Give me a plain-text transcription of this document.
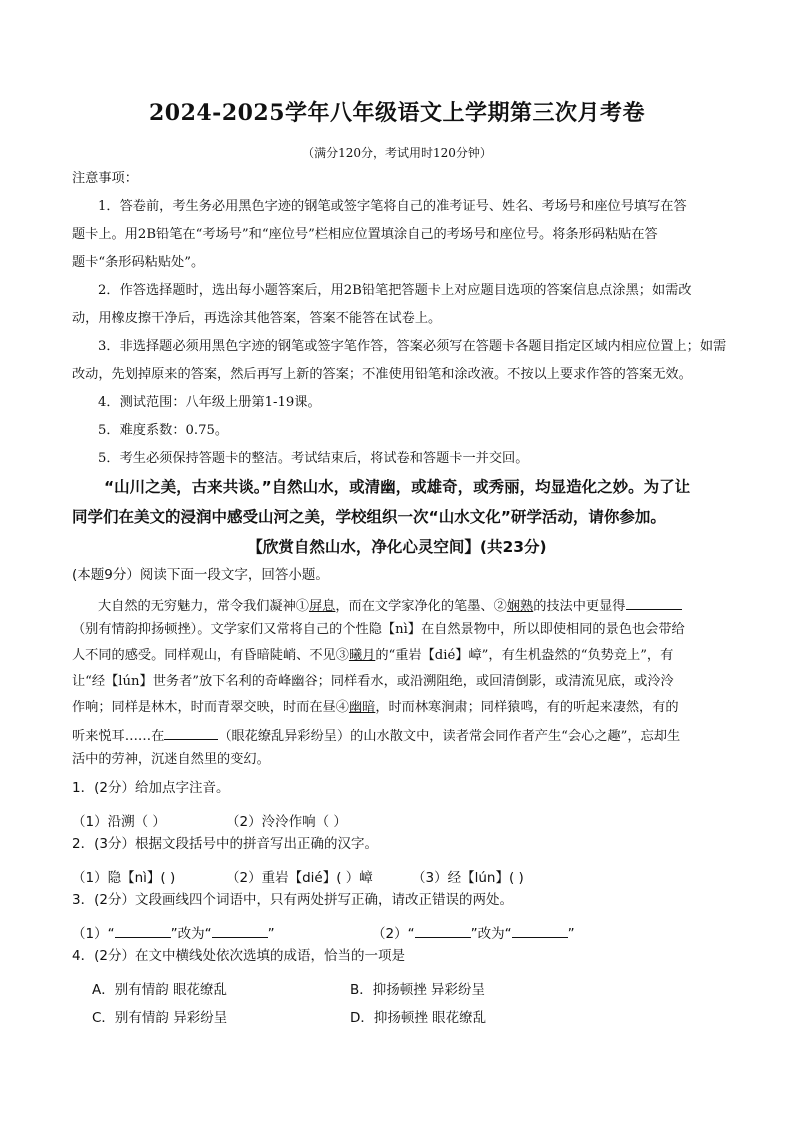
2024-2025学年八年级语文上学期第三次月考卷
（满分120分，考试用时120分钟）
注意事项：
1．答卷前，考生务必用黑色字迹的钢笔或签字笔将自己的准考证号、姓名、考场号和座位号填写在答
题卡上。用2B铅笔在“考场号”和“座位号”栏相应位置填涂自己的考场号和座位号。将条形码粘贴在答
题卡“条形码粘贴处”。
2．作答选择题时，选出每小题答案后，用2B铅笔把答题卡上对应题目选项的答案信息点涂黑；如需改
动，用橡皮擦干净后，再选涂其他答案，答案不能答在试卷上。
3．非选择题必须用黑色字迹的钢笔或签字笔作答，答案必须写在答题卡各题目指定区域内相应位置上；如需
改动，先划掉原来的答案，然后再写上新的答案；不准使用铅笔和涂改液。不按以上要求作答的答案无效。
4．测试范围：八年级上册第1-19课。
5．难度系数：0.75。
5．考生必须保持答题卡的整洁。考试结束后，将试卷和答题卡一并交回。
“山川之美，古来共谈。”自然山水，或清幽，或雄奇，或秀丽，均显造化之妙。为了让
同学们在美文的浸润中感受山河之美，学校组织一次“山水文化”研学活动，请你参加。
【欣赏自然山水，净化心灵空间】(共23分)
(本题9分）阅读下面一段文字，回答小题。
大自然的无穷魅力，常令我们凝神①屏息，而在文学家净化的笔墨、②娴熟的技法中更显得
（别有情韵抑扬顿挫）。文学家们又常将自己的个性隐【nì】在自然景物中，所以即使相同的景色也会带给
人不同的感受。同样观山，有昏暗陡峭、不见③曦月的“重岩【dié】嶂”，有生机盎然的“负势竞上”，有
让“经【lún】世务者”放下名利的奇峰幽谷；同样看水，或沿溯阻绝，或回清倒影，或清流见底，或泠泠
作响；同样是林木，时而青翠交映，时而在昼④幽暗，时而林寒涧肃；同样猿鸣，有的听起来凄然，有的
听来悦耳……在	（眼花缭乱异彩纷呈）的山水散文中，读者常会同作者产生“会心之趣”，忘却生
活中的劳神，沉迷自然里的变幻。
1．(2分）给加点字注音。
（1）沿溯（ ）	（2）泠泠作响（ ）
2．(3分）根据文段括号中的拼音写出正确的汉字。
（1）隐【nì】( )	（2）重岩【dié】( ）嶂	（3）经【lún】( )
3．(2分）文段画线四个词语中，只有两处拼写正确，请改正错误的两处。
（1）“	”改为“	”	（2）“	”改为“	”
4．(2分）在文中横线处依次选填的成语，恰当的一项是
A．别有情韵 眼花缭乱	B．抑扬顿挫 异彩纷呈
C．别有情韵 异彩纷呈	D．抑扬顿挫 眼花缭乱
